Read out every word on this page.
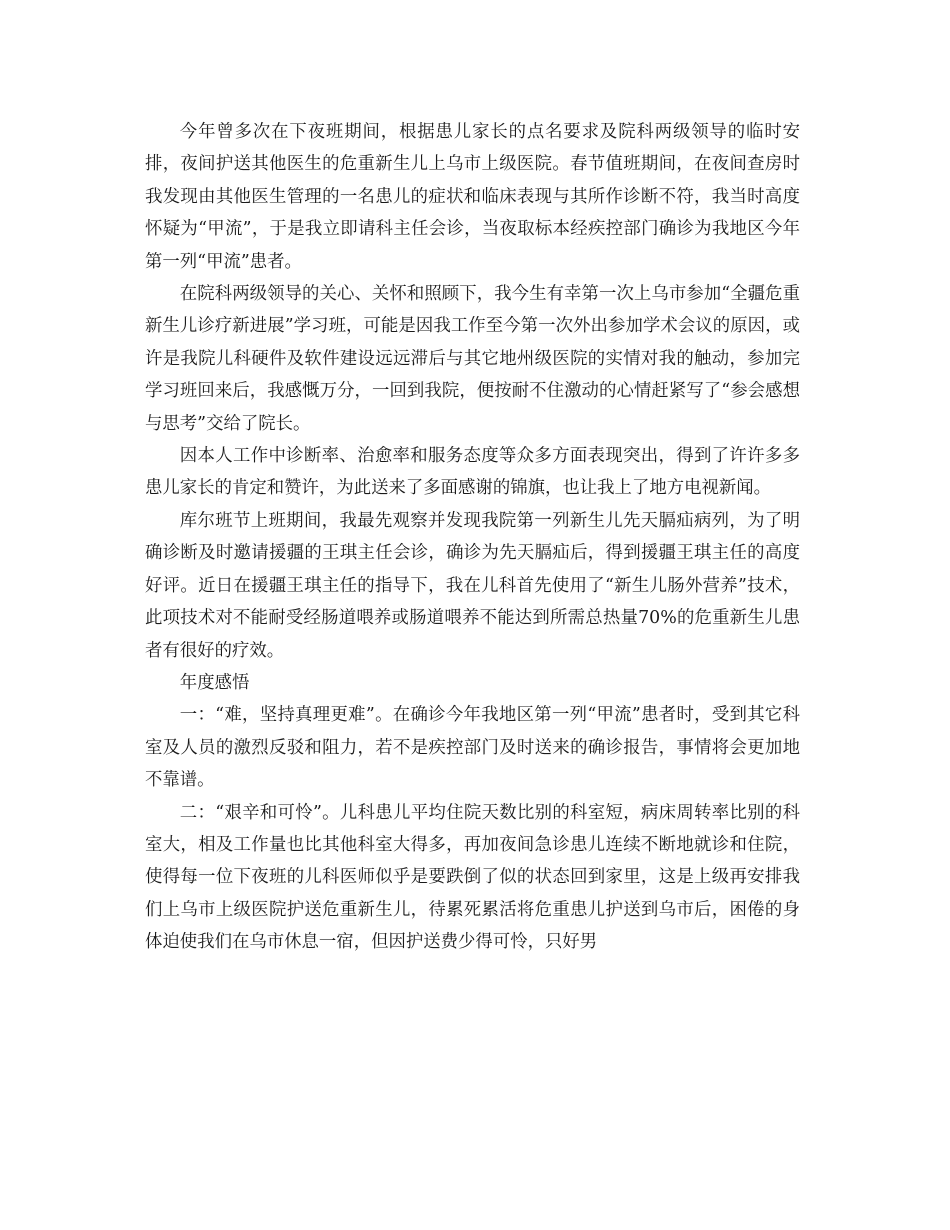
今年曾多次在下夜班期间，根据患儿家长的点名要求及院科两级领导的临时安排，夜间护送其他医生的危重新生儿上乌市上级医院。春节值班期间，在夜间查房时我发现由其他医生管理的一名患儿的症状和临床表现与其所作诊断不符，我当时高度怀疑为“甲流”，于是我立即请科主任会诊，当夜取标本经疾控部门确诊为我地区今年第一列“甲流”患者。

在院科两级领导的关心、关怀和照顾下，我今生有幸第一次上乌市参加“全疆危重新生儿诊疗新进展”学习班，可能是因我工作至今第一次外出参加学术会议的原因，或许是我院儿科硬件及软件建设远远滞后与其它地州级医院的实情对我的触动，参加完学习班回来后，我感慨万分，一回到我院，便按耐不住激动的心情赶紧写了“参会感想与思考”交给了院长。

因本人工作中诊断率、治愈率和服务态度等众多方面表现突出，得到了许许多多患儿家长的肯定和赞许，为此送来了多面感谢的锦旗，也让我上了地方电视新闻。

库尔班节上班期间，我最先观察并发现我院第一列新生儿先天膈疝病列，为了明确诊断及时邀请援疆的王琪主任会诊，确诊为先天膈疝后，得到援疆王琪主任的高度好评。近日在援疆王琪主任的指导下，我在儿科首先使用了“新生儿肠外营养”技术，此项技术对不能耐受经肠道喂养或肠道喂养不能达到所需总热量70%的危重新生儿患者有很好的疗效。

年度感悟

一：“难，坚持真理更难”。在确诊今年我地区第一列“甲流”患者时，受到其它科室及人员的激烈反驳和阻力，若不是疾控部门及时送来的确诊报告，事情将会更加地不靠谱。

二：“艰辛和可怜”。儿科患儿平均住院天数比别的科室短，病床周转率比别的科室大，相及工作量也比其他科室大得多，再加夜间急诊患儿连续不断地就诊和住院，使得每一位下夜班的儿科医师似乎是要跌倒了似的状态回到家里，这是上级再安排我们上乌市上级医院护送危重新生儿，待累死累活将危重患儿护送到乌市后，困倦的身体迫使我们在乌市休息一宿，但因护送费少得可怜，只好男
